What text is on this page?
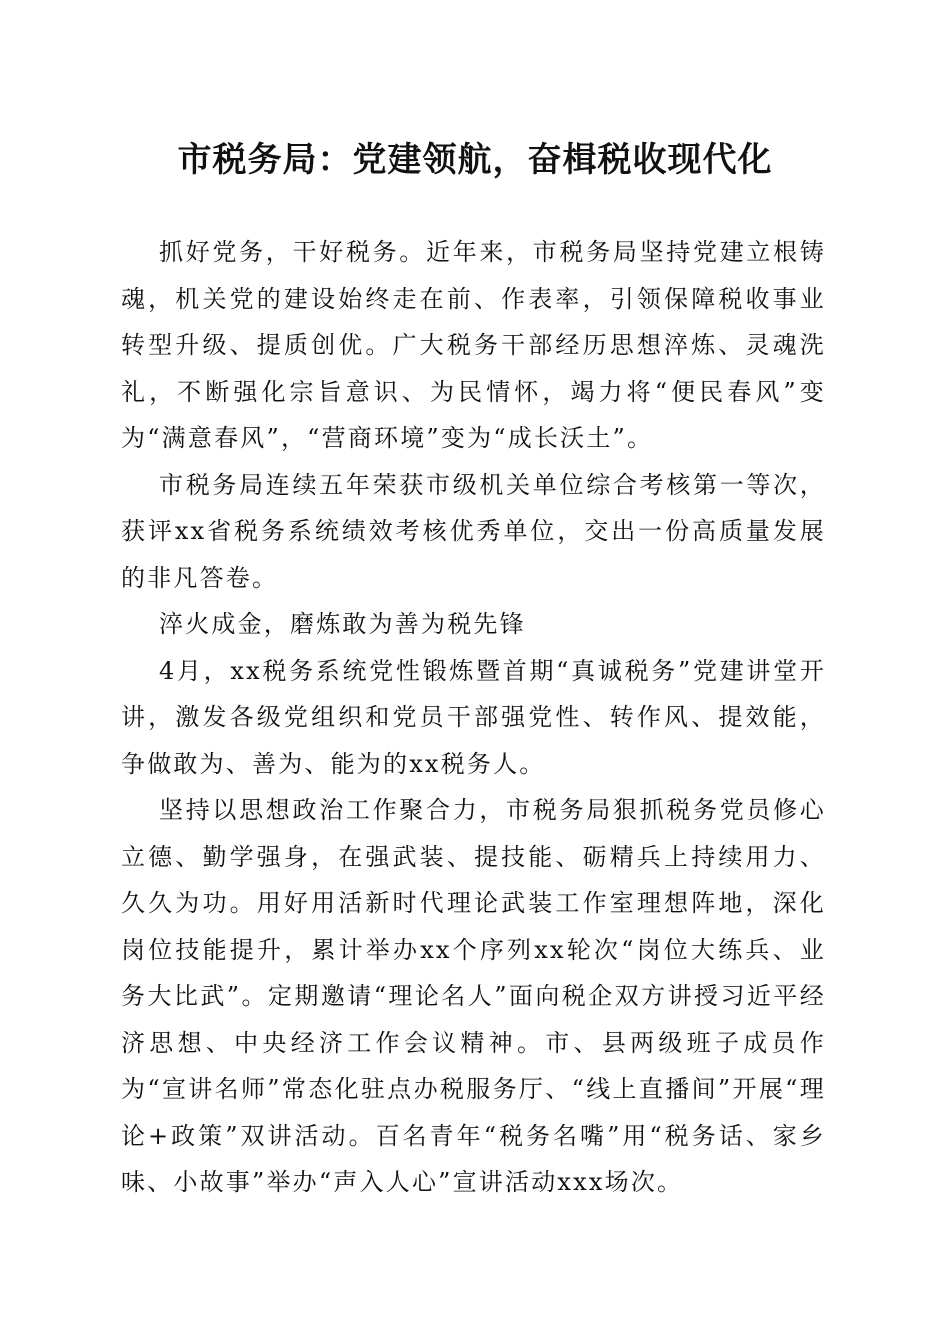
市税务局：党建领航，奋楫税收现代化

抓好党务，干好税务。近年来，市税务局坚持党建立根铸魂，机关党的建设始终走在前、作表率，引领保障税收事业转型升级、提质创优。广大税务干部经历思想淬炼、灵魂洗礼，不断强化宗旨意识、为民情怀，竭力将“便民春风”变为“满意春风”，“营商环境”变为“成长沃土”。

市税务局连续五年荣获市级机关单位综合考核第一等次，获评xx省税务系统绩效考核优秀单位，交出一份高质量发展的非凡答卷。

淬火成金，磨炼敢为善为税先锋

4月，xx税务系统党性锻炼暨首期“真诚税务”党建讲堂开讲，激发各级党组织和党员干部强党性、转作风、提效能，争做敢为、善为、能为的xx税务人。

坚持以思想政治工作聚合力，市税务局狠抓税务党员修心立德、勤学强身，在强武装、提技能、砺精兵上持续用力、久久为功。用好用活新时代理论武装工作室理想阵地，深化岗位技能提升，累计举办xx个序列xx轮次“岗位大练兵、业务大比武”。定期邀请“理论名人”面向税企双方讲授习近平经济思想、中央经济工作会议精神。市、县两级班子成员作为“宣讲名师”常态化驻点办税服务厅、“线上直播间”开展“理论+政策”双讲活动。百名青年“税务名嘴”用“税务话、家乡味、小故事”举办“声入人心”宣讲活动xxx场次。
